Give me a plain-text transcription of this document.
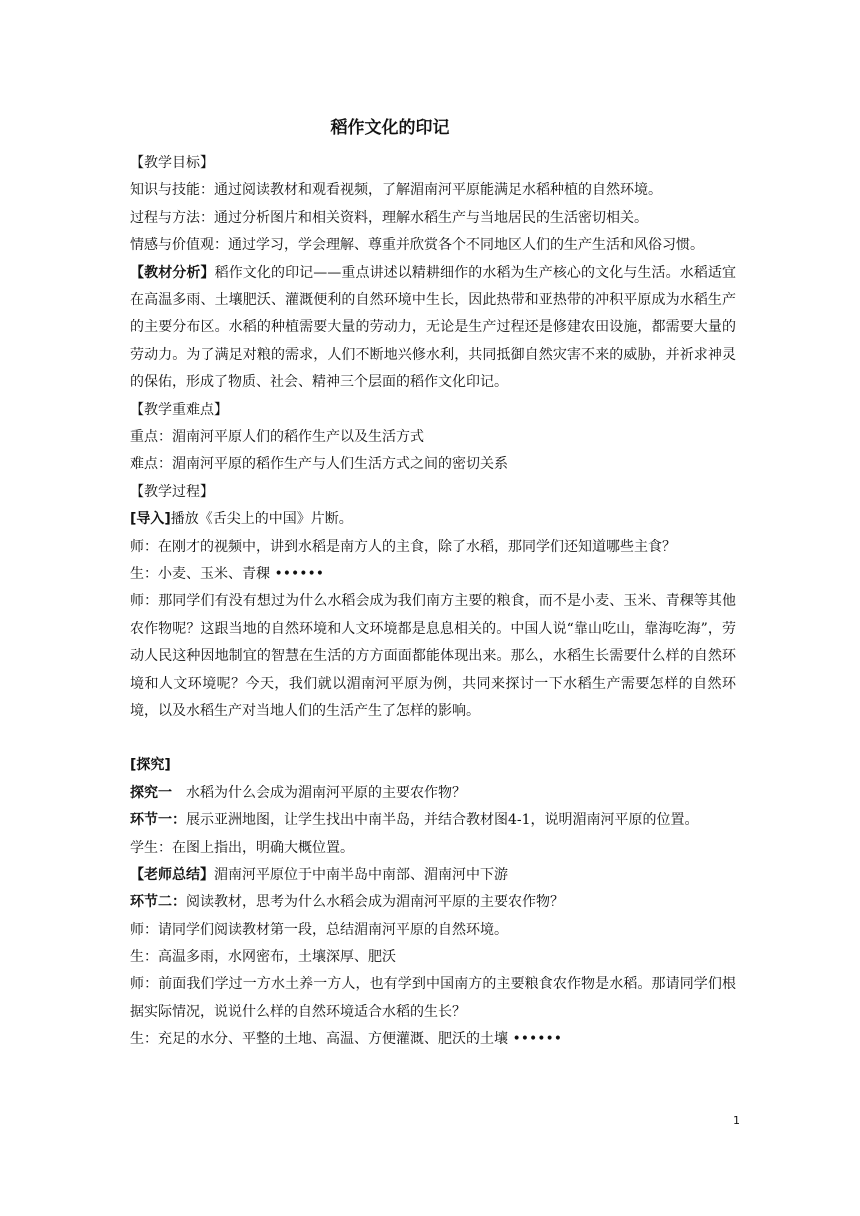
稻作文化的印记

【教学目标】

知识与技能：通过阅读教材和观看视频，了解湄南河平原能满足水稻种植的自然环境。

过程与方法：通过分析图片和相关资料，理解水稻生产与当地居民的生活密切相关。

情感与价值观：通过学习，学会理解、尊重并欣赏各个不同地区人们的生产生活和风俗习惯。

【教材分析】稻作文化的印记——重点讲述以精耕细作的水稻为生产核心的文化与生活。水稻适宜在高温多雨、土壤肥沃、灌溉便利的自然环境中生长，因此热带和亚热带的冲积平原成为水稻生产的主要分布区。水稻的种植需要大量的劳动力，无论是生产过程还是修建农田设施，都需要大量的劳动力。为了满足对粮的需求，人们不断地兴修水利，共同抵御自然灾害不来的威胁，并祈求神灵的保佑，形成了物质、社会、精神三个层面的稻作文化印记。

【教学重难点】

重点：湄南河平原人们的稻作生产以及生活方式

难点：湄南河平原的稻作生产与人们生活方式之间的密切关系

【教学过程】

[导入]播放《舌尖上的中国》片断。

师：在刚才的视频中，讲到水稻是南方人的主食，除了水稻，那同学们还知道哪些主食？

生：小麦、玉米、青稞 ••••••

师：那同学们有没有想过为什么水稻会成为我们南方主要的粮食，而不是小麦、玉米、青稞等其他农作物呢？这跟当地的自然环境和人文环境都是息息相关的。中国人说“靠山吃山，靠海吃海”，劳动人民这种因地制宜的智慧在生活的方方面面都能体现出来。那么，水稻生长需要什么样的自然环境和人文环境呢？今天，我们就以湄南河平原为例，共同来探讨一下水稻生产需要怎样的自然环境，以及水稻生产对当地人们的生活产生了怎样的影响。

[探究]

探究一 水稻为什么会成为湄南河平原的主要农作物？

环节一：展示亚洲地图，让学生找出中南半岛，并结合教材图4-1，说明湄南河平原的位置。

学生：在图上指出，明确大概位置。

【老师总结】湄南河平原位于中南半岛中南部、湄南河中下游

环节二：阅读教材，思考为什么水稻会成为湄南河平原的主要农作物？

师：请同学们阅读教材第一段，总结湄南河平原的自然环境。

生：高温多雨，水网密布，土壤深厚、肥沃

师：前面我们学过一方水土养一方人，也有学到中国南方的主要粮食农作物是水稻。那请同学们根据实际情况，说说什么样的自然环境适合水稻的生长？

生：充足的水分、平整的土地、高温、方便灌溉、肥沃的土壤 ••••••

1
